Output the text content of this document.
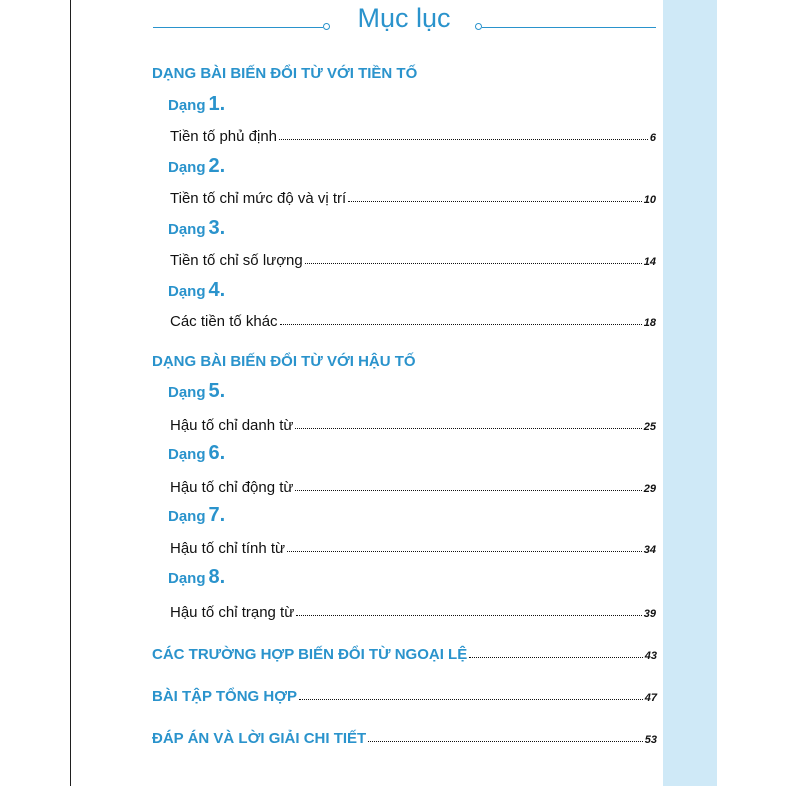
Mục lục
DẠNG BÀI BIẾN ĐỔI TỪ VỚI TIỀN TỐ
Dạng 1.
Tiền tố phủ định	6
Dạng 2.
Tiền tố chỉ mức độ và vị trí	10
Dạng 3.
Tiền tố chỉ số lượng	14
Dạng 4.
Các tiền tố khác	18
DẠNG BÀI BIẾN ĐỔI TỪ VỚI HẬU TỐ
Dạng 5.
Hậu tố chỉ danh từ	25
Dạng 6.
Hậu tố chỉ động từ	29
Dạng 7.
Hậu tố chỉ tính từ	34
Dạng 8.
Hậu tố chỉ trạng từ	39
CÁC TRƯỜNG HỢP BIẾN ĐỔI TỪ NGOẠI LỆ	43
BÀI TẬP TỔNG HỢP	47
ĐÁP ÁN VÀ LỜI GIẢI CHI TIẾT	53
